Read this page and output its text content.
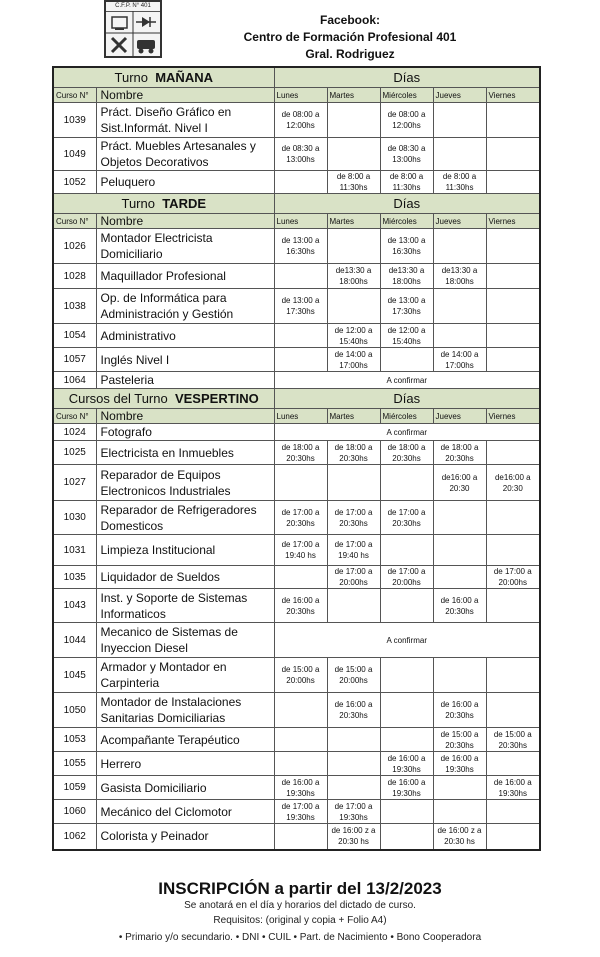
C.F.P. N° 401
Facebook:
Centro de Formación Profesional 401
Gral. Rodriguez
Turno MAÑANA		Días				
Curso N°	Nombre	Lunes	Martes	Miércoles	Jueves	Viernes
1039	Práct. Diseño Gráfico en Sist.Informát. Nivel I	de 08:00 a 12:00hs		de 08:00 a 12:00hs		
1049	Práct. Muebles Artesanales y Objetos Decorativos	de 08:30 a 13:00hs		de 08:30 a 13:00hs		
1052	Peluquero		de 8:00 a 11:30hs	de 8:00 a 11:30hs	de 8:00 a 11:30hs	
Turno TARDE		Días				
Curso N°	Nombre	Lunes	Martes	Miércoles	Jueves	Viernes
1026	Montador Electricista Domiciliario	de 13:00 a 16:30hs		de 13:00 a 16:30hs		
1028	Maquillador Profesional		de13:30 a 18:00hs	de13:30 a 18:00hs	de13:30 a 18:00hs	
1038	Op. de Informática para Administración y Gestión	de 13:00 a 17:30hs		de 13:00 a 17:30hs		
1054	Administrativo		de 12:00 a 15:40hs	de 12:00 a 15:40hs		
1057	Inglés Nivel I		de 14:00 a 17:00hs		de 14:00 a 17:00hs	
1064	Pasteleria	A confirmar				
Cursos del Turno VESPERTINO		Días				
Curso N°	Nombre	Lunes	Martes	Miércoles	Jueves	Viernes
1024	Fotografo	A confirmar				
1025	Electricista en Inmuebles	de 18:00 a 20:30hs	de 18:00 a 20:30hs	de 18:00 a 20:30hs	de 18:00 a 20:30hs	
1027	Reparador de Equipos Electronicos Industriales				de16:00 a 20:30	de16:00 a 20:30
1030	Reparador de Refrigeradores Domesticos	de 17:00 a 20:30hs	de 17:00 a 20:30hs	de 17:00 a 20:30hs		
1031	Limpieza Institucional	de 17:00 a 19:40 hs	de 17:00 a 19:40 hs			
1035	Liquidador de Sueldos		de 17:00 a 20:00hs	de 17:00 a 20:00hs		de 17:00 a 20:00hs
1043	Inst. y Soporte de Sistemas Informaticos	de 16:00 a 20:30hs			de 16:00 a 20:30hs	
1044	Mecanico de Sistemas de Inyeccion Diesel	A confirmar				
1045	Armador y Montador en Carpinteria	de 15:00 a 20:00hs	de 15:00 a 20:00hs			
1050	Montador de Instalaciones Sanitarias Domiciliarias		de 16:00 a 20:30hs		de 16:00 a 20:30hs	
1053	Acompañante Terapéutico				de 15:00 a 20:30hs	de 15:00 a 20:30hs
1055	Herrero			de 16:00 a 19:30hs	de 16:00 a 19:30hs	
1059	Gasista Domiciliario	de 16:00 a 19:30hs		de 16:00 a 19:30hs		de 16:00 a 19:30hs
1060	Mecánico del Ciclomotor	de 17:00 a 19:30hs	de 17:00 a 19:30hs			
1062	Colorista y Peinador		de 16:00 z a 20:30 hs		de 16:00 z a 20:30 hs	
INSCRIPCIÓN a partir del 13/2/2023
Se anotará en el día y horarios del dictado de curso.
Requisitos: (original y copia + Folio A4)
• Primario y/o secundario. • DNI • CUIL • Part. de Nacimiento • Bono Cooperadora
